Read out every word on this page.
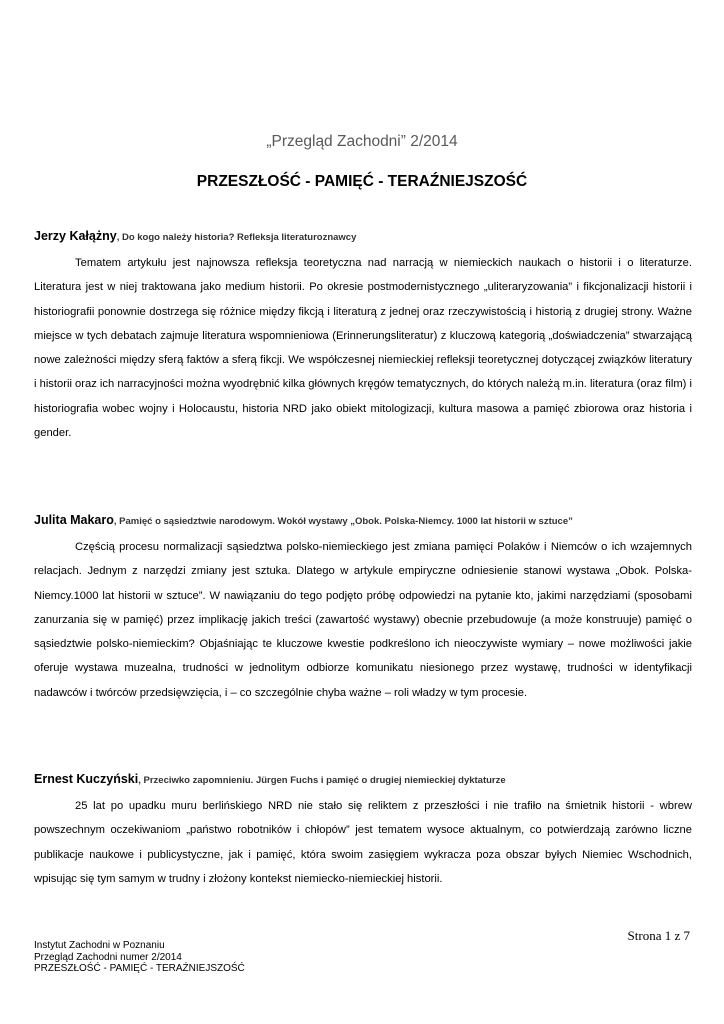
„Przegląd Zachodni” 2/2014
PRZESZŁOŚĆ - PAMIĘĆ - TERAŹNIEJSZOŚĆ
Jerzy Kałążny, Do kogo należy historia? Refleksja literaturoznawcy

Tematem artykułu jest najnowsza refleksja teoretyczna nad narracją w niemieckich naukach o historii i o literaturze. Literatura jest w niej traktowana jako medium historii. Po okresie postmodernistycznego „uliteraryzowania” i fikcjonalizacji historii i historiografii ponownie dostrzega się różnice między fikcją i literaturą z jednej oraz rzeczywistością i historią z drugiej strony. Ważne miejsce w tych debatach zajmuje literatura wspomnieniowa (Erinnerungsliteratur) z kluczową kategorią „doświadczenia” stwarzającą nowe zależności między sferą faktów a sferą fikcji. We współczesnej niemieckiej refleksji teoretycznej dotyczącej związków literatury i historii oraz ich narracyjności można wyodrębnić kilka głównych kręgów tematycznych, do których należą m.in. literatura (oraz film) i historiografia wobec wojny i Holocaustu, historia NRD jako obiekt mitologizacji, kultura masowa a pamięć zbiorowa oraz historia i gender.

Julita Makaro, Pamięć o sąsiedztwie narodowym. Wokół wystawy „Obok. Polska-Niemcy. 1000 lat historii w sztuce”

Częścią procesu normalizacji sąsiedztwa polsko-niemieckiego jest zmiana pamięci Polaków i Niemców o ich wzajemnych relacjach. Jednym z narzędzi zmiany jest sztuka. Dlatego w artykule empiryczne odniesienie stanowi wystawa „Obok. Polska-Niemcy.1000 lat historii w sztuce”. W nawiązaniu do tego podjęto próbę odpowiedzi na pytanie kto, jakimi narzędziami (sposobami zanurzania się w pamięć) przez implikację jakich treści (zawartość wystawy) obecnie przebudowuje (a może konstruuje) pamięć o sąsiedztwie polsko-niemieckim? Objaśniając te kluczowe kwestie podkreślono ich nieoczywiste wymiary – nowe możliwości jakie oferuje wystawa muzealna, trudności w jednolitym odbiorze komunikatu niesionego przez wystawę, trudności w identyfikacji nadawców i twórców przedsięwzięcia, i – co szczególnie chyba ważne – roli władzy w tym procesie.

Ernest Kuczyński, Przeciwko zapomnieniu. Jürgen Fuchs i pamięć o drugiej niemieckiej dyktaturze

25 lat po upadku muru berlińskiego NRD nie stało się reliktem z przeszłości i nie trafiło na śmietnik historii - wbrew powszechnym oczekiwaniom „państwo robotników i chłopów” jest tematem wysoce aktualnym, co potwierdzają zarówno liczne publikacje naukowe i publicystyczne, jak i pamięć, która swoim zasięgiem wykracza poza obszar byłych Niemiec Wschodnich, wpisując się tym samym w trudny i złożony kontekst niemiecko-niemieckiej historii.

Strona 1 z 7
Instytut Zachodni w Poznaniu
Przegląd Zachodni numer 2/2014
PRZESZŁOŚĆ - PAMIĘĆ - TERAŹNIEJSZOŚĆ
